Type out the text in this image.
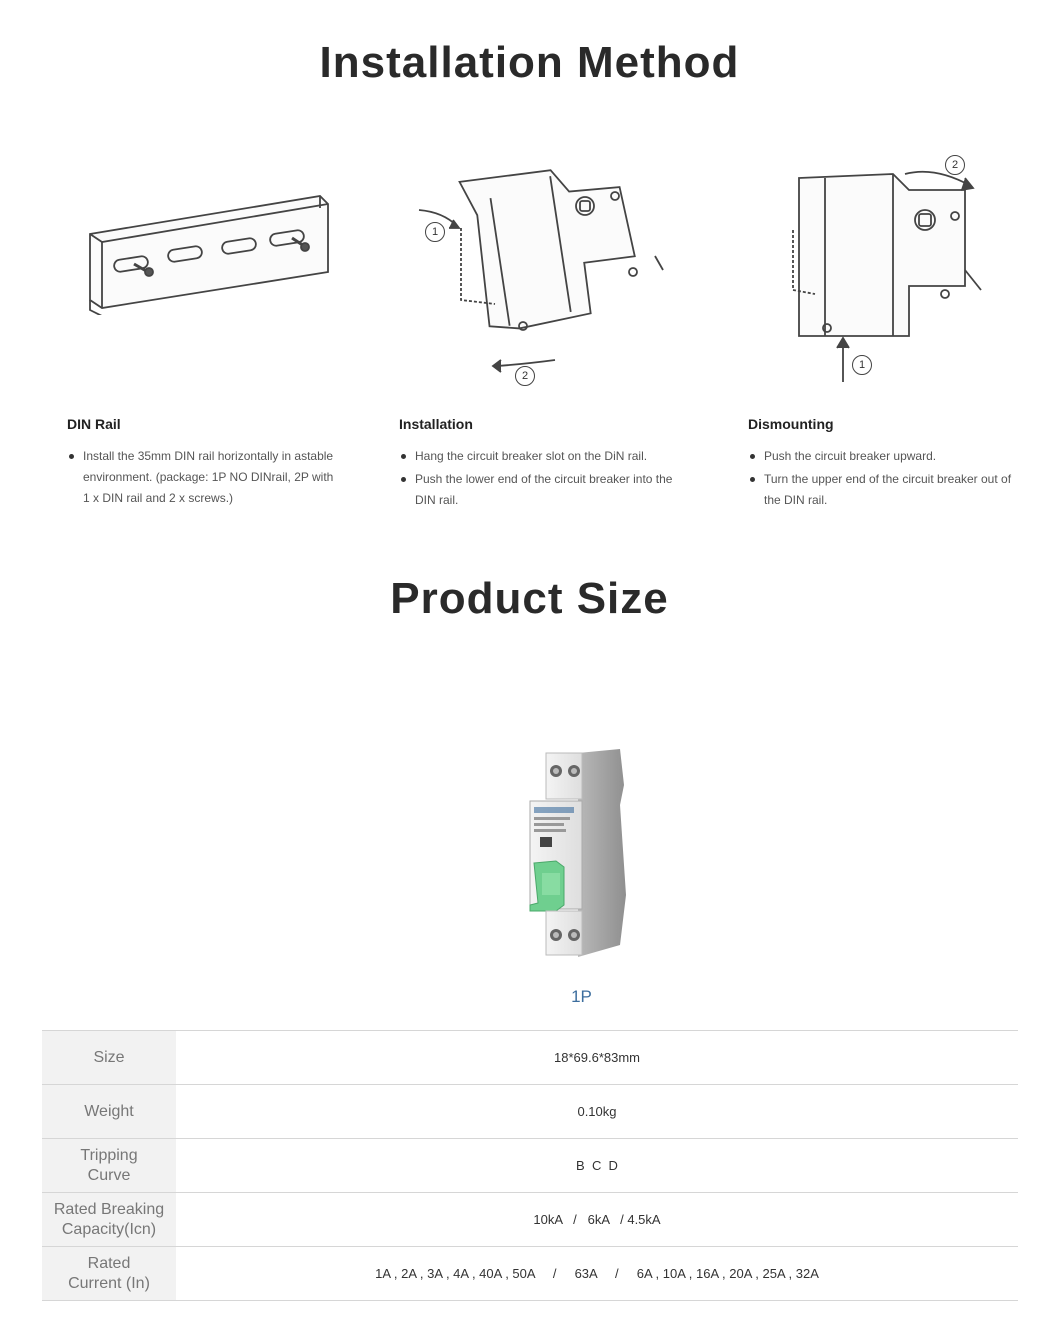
Installation Method
1
2
2
1
DIN Rail
Install the 35mm DIN rail horizontally in astable environment. (package: 1P NO DINrail, 2P with 1 x DIN rail and 2 x screws.)
Installation
Hang the circuit breaker slot on the DiN rail.
Push the lower end of the circuit breaker into the DIN rail.
Dismounting
Push the circuit breaker upward.
Turn the upper end of the circuit breaker out of the DIN rail.
Product Size
1P
Size	18*69.6*83mm
Weight	0.10kg
Tripping Curve	B  C  D
Rated Breaking Capacity(Icn)	10kA   /   6kA   / 4.5kA
Rated Current (In)	1A , 2A , 3A , 4A , 40A , 50A     /     63A     /     6A , 10A , 16A , 20A , 25A , 32A
